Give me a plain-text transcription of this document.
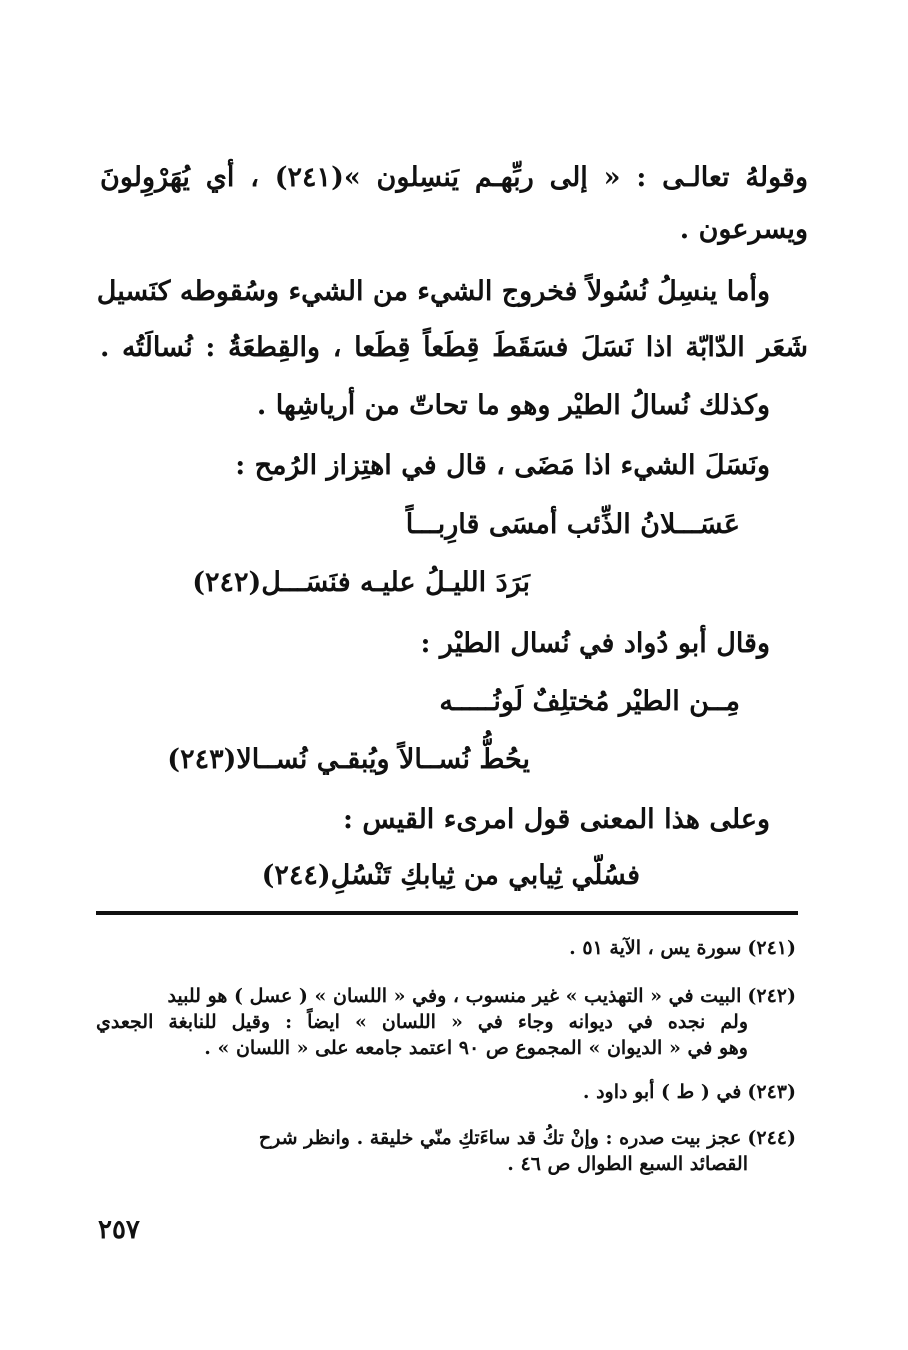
وقولهُ تعالـى : « إلى ربِّهـم يَنسِلون »(٢٤١) ، أي يُهَرْوِلونَ
ويسرعون .
وأما ينسِلُ نُسُولاً فخروج الشيء من الشيء وسُقوطه كنَسيل
شَعَر الدّابّة اذا نَسَلَ فسَقَطَ قِطَعاً قِطَعا ، والقِطعَةُ : نُسالَتُه .
وكذلك نُسالُ الطيْر وهو ما تحاتّ من أرياشِها .
ونَسَلَ الشيء اذا مَضَى ، قال في اهتِزاز الرُمح :
عَسَـــلانُ الذِّئب أمسَى قارِبـــاً
بَرَدَ الليـلُ عليـه فنَسَـــل(٢٤٢)
وقال أبو دُواد في نُسال الطيْر :
مِــن الطيْر مُختلِفٌ لَونُـــــه
يحُطُّ نُســالاً ويُبقـي نُســالا(٢٤٣)
وعلى هذا المعنى قول امرىء القيس :
فسُلّي ثِيابي من ثِيابكِ تَنْسُلِ(٢٤٤)
(٢٤١) سورة يس ، الآية ٥١ .
(٢٤٢) البيت في « التهذيب » غير منسوب ، وفي « اللسان » ( عسل ) هو للبيد
ولم نجده في ديوانه وجاء في « اللسان » ايضاً : وقيل للنابغة الجعدي
وهو في « الديوان » المجموع ص ٩٠ اعتمد جامعه على « اللسان » .
(٢٤٣) في ( ط ) أبو داود .
(٢٤٤) عجز بيت صدره : وإنْ تكُ قد ساءَتكِ منّي خليقة . وانظر شرح
القصائد السبع الطوال ص ٤٦ .
٢٥٧
